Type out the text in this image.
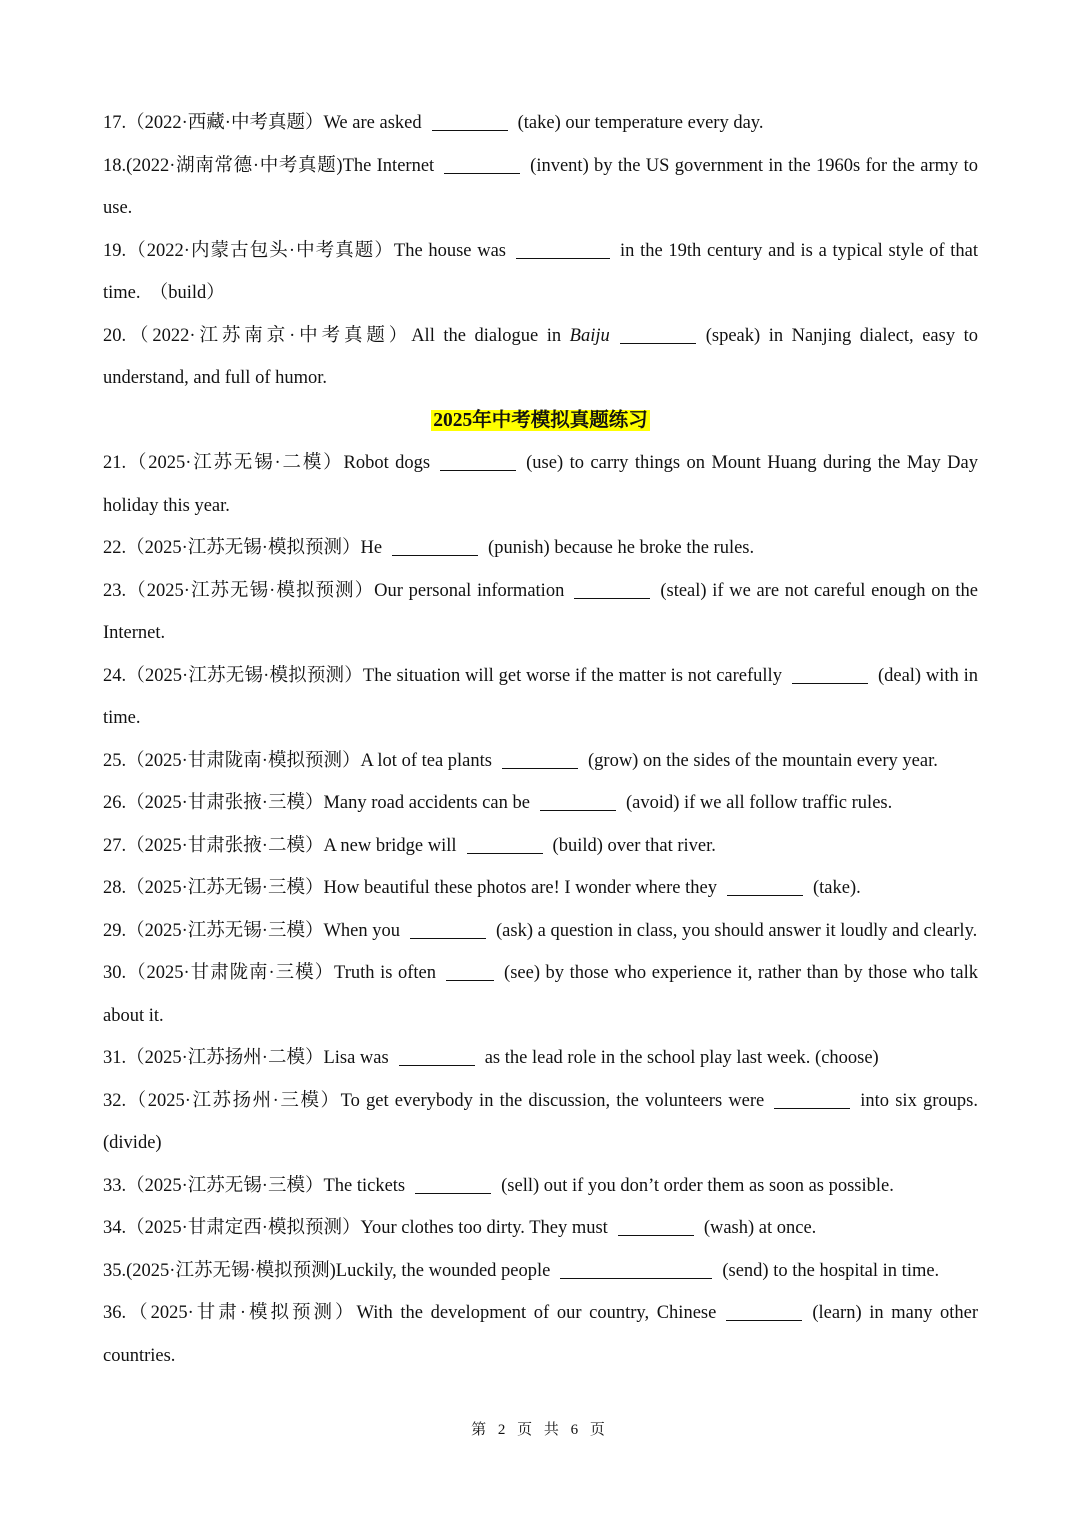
17.（2022·西藏·中考真题）We are asked	(take) our temperature every day.

18.(2022·湖南常德·中考真题)The Internet	(invent) by the US government in the 1960s for the army to use.

19.（2022·内蒙古包头·中考真题）The house was	in the 19th century and is a typical style of that time.  （build）

20.（2022·江苏南京·中考真题）All the dialogue in Baiju	(speak) in Nanjing dialect, easy to understand, and full of humor.

2025年中考模拟真题练习

21.（2025·江苏无锡·二模）Robot dogs	(use) to carry things on Mount Huang during the May Day holiday this year.

22.（2025·江苏无锡·模拟预测）He	(punish) because he broke the rules.

23.（2025·江苏无锡·模拟预测）Our personal information	(steal) if we are not careful enough on the Internet.

24.（2025·江苏无锡·模拟预测）The situation will get worse if the matter is not carefully	(deal) with in time.

25.（2025·甘肃陇南·模拟预测）A lot of tea plants	(grow) on the sides of the mountain every year.

26.（2025·甘肃张掖·三模）Many road accidents can be	(avoid) if we all follow traffic rules.

27.（2025·甘肃张掖·二模）A new bridge will	(build) over that river.

28.（2025·江苏无锡·三模）How beautiful these photos are! I wonder where they	(take).

29.（2025·江苏无锡·三模）When you	(ask) a question in class, you should answer it loudly and clearly.

30.（2025·甘肃陇南·三模）Truth is often	(see) by those who experience it, rather than by those who talk about it.

31.（2025·江苏扬州·二模）Lisa was	as the lead role in the school play last week. (choose)

32.（2025·江苏扬州·三模）To get everybody in the discussion, the volunteers were	into six groups. (divide)

33.（2025·江苏无锡·三模）The tickets	(sell) out if you don’t order them as soon as possible.

34.（2025·甘肃定西·模拟预测）Your clothes too dirty. They must	(wash) at once.

35.(2025·江苏无锡·模拟预测)Luckily, the wounded people	(send) to the hospital in time.

36.（2025·甘肃·模拟预测）With the development of our country, Chinese	(learn) in many other countries.

第 2 页 共 6 页
